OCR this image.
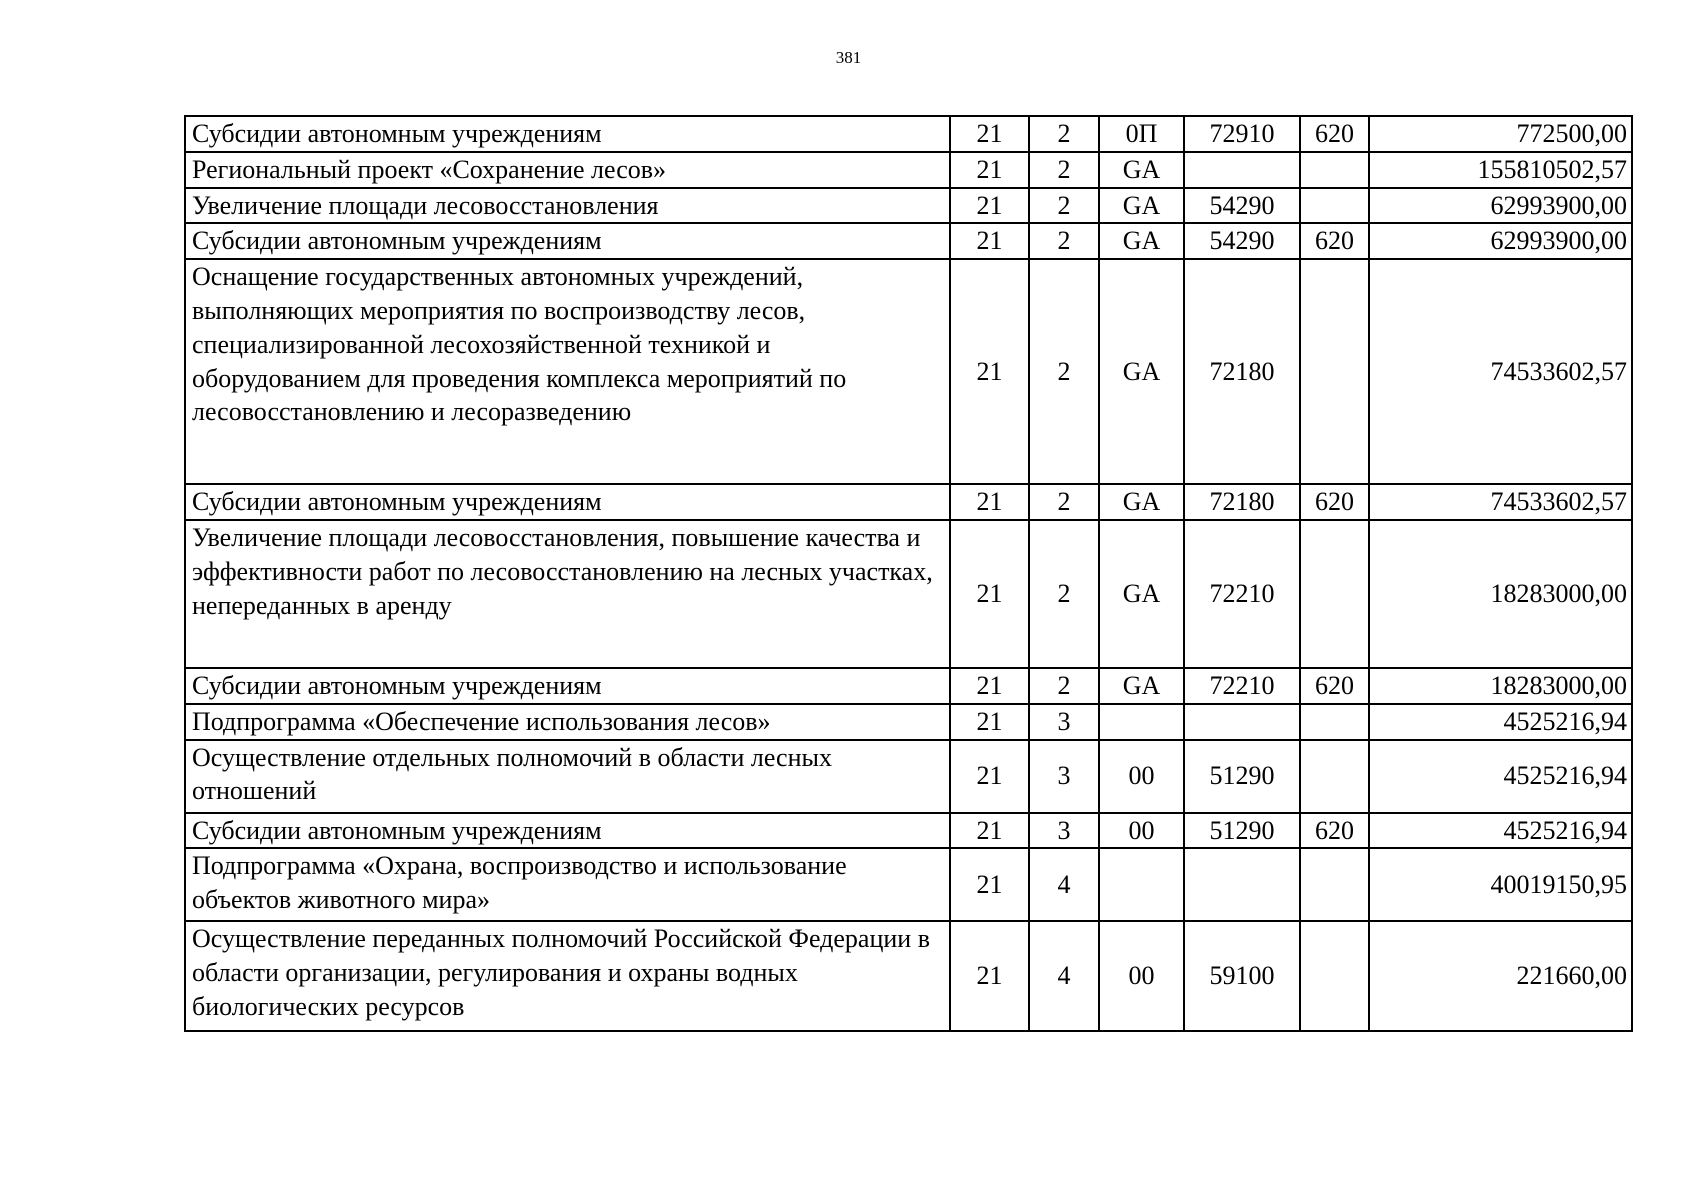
381
Субсидии автономным учреждениям	21	2	0П	72910	620	772500,00
Региональный проект «Сохранение лесов»	21	2	GA			155810502,57
Увеличение площади лесовосстановления	21	2	GA	54290		62993900,00
Субсидии автономным учреждениям	21	2	GA	54290	620	62993900,00
Оснащение государственных автономных учреждений, выполняющих мероприятия по воспроизводству лесов, специализированной лесохозяйственной техникой и оборудованием для проведения комплекса мероприятий по лесовосстановлению и лесоразведению	21	2	GA	72180		74533602,57
Субсидии автономным учреждениям	21	2	GA	72180	620	74533602,57
Увеличение площади лесовосстановления, повышение качества и эффективности работ по лесовосстановлению на лесных участках, непереданных в аренду	21	2	GA	72210		18283000,00
Субсидии автономным учреждениям	21	2	GA	72210	620	18283000,00
Подпрограмма «Обеспечение использования лесов»	21	3				4525216,94
Осуществление отдельных полномочий в области лесных отношений	21	3	00	51290		4525216,94
Субсидии автономным учреждениям	21	3	00	51290	620	4525216,94
Подпрограмма «Охрана, воспроизводство и использование объектов животного мира»	21	4				40019150,95
Осуществление переданных полномочий Российской Федерации в области организации, регулирования и охраны водных биологических ресурсов	21	4	00	59100		221660,00
